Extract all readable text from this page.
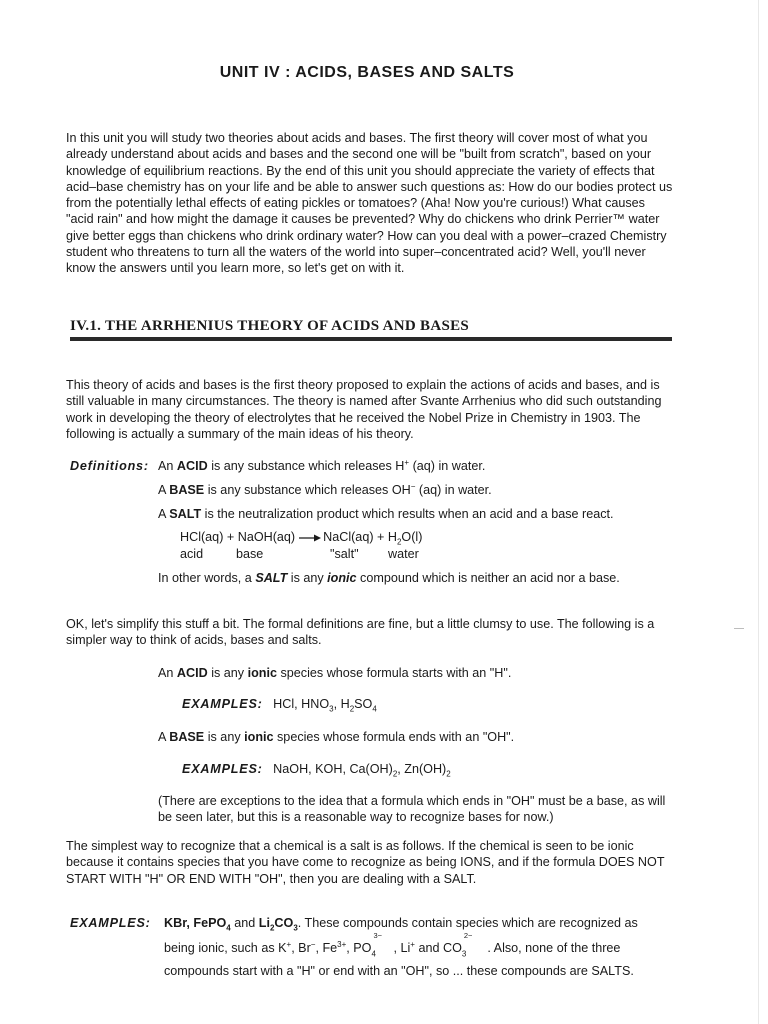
UNIT IV : ACIDS, BASES AND SALTS

In this unit you will study two theories about acids and bases. The first theory will cover most of what you already understand about acids and bases and the second one will be "built from scratch", based on your knowledge of equilibrium reactions. By the end of this unit you should appreciate the variety of effects that acid–base chemistry has on your life and be able to answer such questions as: How do our bodies protect us from the potentially lethal effects of eating pickles or tomatoes? (Aha! Now you're curious!) What causes "acid rain" and how might the damage it causes be prevented? Why do chickens who drink Perrier™ water give better eggs than chickens who drink ordinary water? How can you deal with a power–crazed Chemistry student who threatens to turn all the waters of the world into super–concentrated acid? Well, you'll never know the answers until you learn more, so let's get on with it.

IV.1. THE ARRHENIUS THEORY OF ACIDS AND BASES

This theory of acids and bases is the first theory proposed to explain the actions of acids and bases, and is still valuable in many circumstances. The theory is named after Svante Arrhenius who did such outstanding work in developing the theory of electrolytes that he received the Nobel Prize in Chemistry in 1903. The following is actually a summary of the main ideas of his theory.

Definitions: An ACID is any substance which releases H+ (aq) in water.
A BASE is any substance which releases OH− (aq) in water.
A SALT is the neutralization product which results when an acid and a base react.
HCl(aq) + NaOH(aq) → NaCl(aq) + $H_2O(l)$
acid	base	"salt" water
In other words, a SALT is any ionic compound which is neither an acid nor a base.

OK, let's simplify this stuff a bit. The formal definitions are fine, but a little clumsy to use. The following is a simpler way to think of acids, bases and salts.

An ACID is any ionic species whose formula starts with an "H".
EXAMPLES: HCl, $HNO_3$, $H_2SO_4$
A BASE is any ionic species whose formula ends with an "OH".
EXAMPLES: NaOH, KOH, $Ca(OH)_2$, $Zn(OH)_2$

(There are exceptions to the idea that a formula which ends in "OH" must be a base, as will be seen later, but this is a reasonable way to recognize bases for now.)

The simplest way to recognize that a chemical is a salt is as follows. If the chemical is seen to be ionic because it contains species that you have come to recognize as being IONS, and if the formula DOES NOT START WITH "H" OR END WITH "OH", then you are dealing with a SALT.

EXAMPLES: KBr, FePO$_4$ and $Li_2CO_3$. These compounds contain species which are recognized as
being ionic, such as K+, Br−, $Fe^{3+}$, PO
3−
$_4$ , Li+ and CO
2−
$_3$ . Also, none of the three
compounds start with a "H" or end with an "OH", so ... these compounds are SALTS.
